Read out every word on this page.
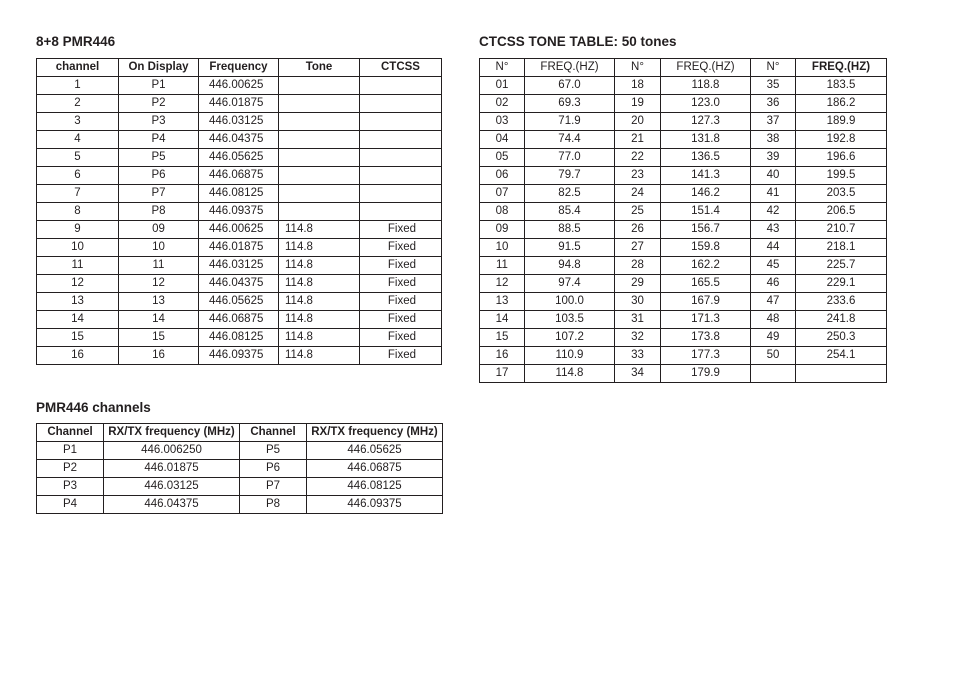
8+8 PMR446
channel	On Display	Frequency	Tone	CTCSS
1	P1	446.00625		
2	P2	446.01875		
3	P3	446.03125		
4	P4	446.04375		
5	P5	446.05625		
6	P6	446.06875		
7	P7	446.08125		
8	P8	446.09375		
9	09	446.00625	114.8	Fixed
10	10	446.01875	114.8	Fixed
11	11	446.03125	114.8	Fixed
12	12	446.04375	114.8	Fixed
13	13	446.05625	114.8	Fixed
14	14	446.06875	114.8	Fixed
15	15	446.08125	114.8	Fixed
16	16	446.09375	114.8	Fixed
CTCSS TONE TABLE: 50 tones
N°	FREQ.(HZ)	N°	FREQ.(HZ)	N°	FREQ.(HZ)
01	67.0	18	118.8	35	183.5
02	69.3	19	123.0	36	186.2
03	71.9	20	127.3	37	189.9
04	74.4	21	131.8	38	192.8
05	77.0	22	136.5	39	196.6
06	79.7	23	141.3	40	199.5
07	82.5	24	146.2	41	203.5
08	85.4	25	151.4	42	206.5
09	88.5	26	156.7	43	210.7
10	91.5	27	159.8	44	218.1
11	94.8	28	162.2	45	225.7
12	97.4	29	165.5	46	229.1
13	100.0	30	167.9	47	233.6
14	103.5	31	171.3	48	241.8
15	107.2	32	173.8	49	250.3
16	110.9	33	177.3	50	254.1
17	114.8	34	179.9		
PMR446 channels
Channel	RX/TX frequency (MHz)	Channel	RX/TX frequency (MHz)
P1	446.006250	P5	446.05625
P2	446.01875	P6	446.06875
P3	446.03125	P7	446.08125
P4	446.04375	P8	446.09375
